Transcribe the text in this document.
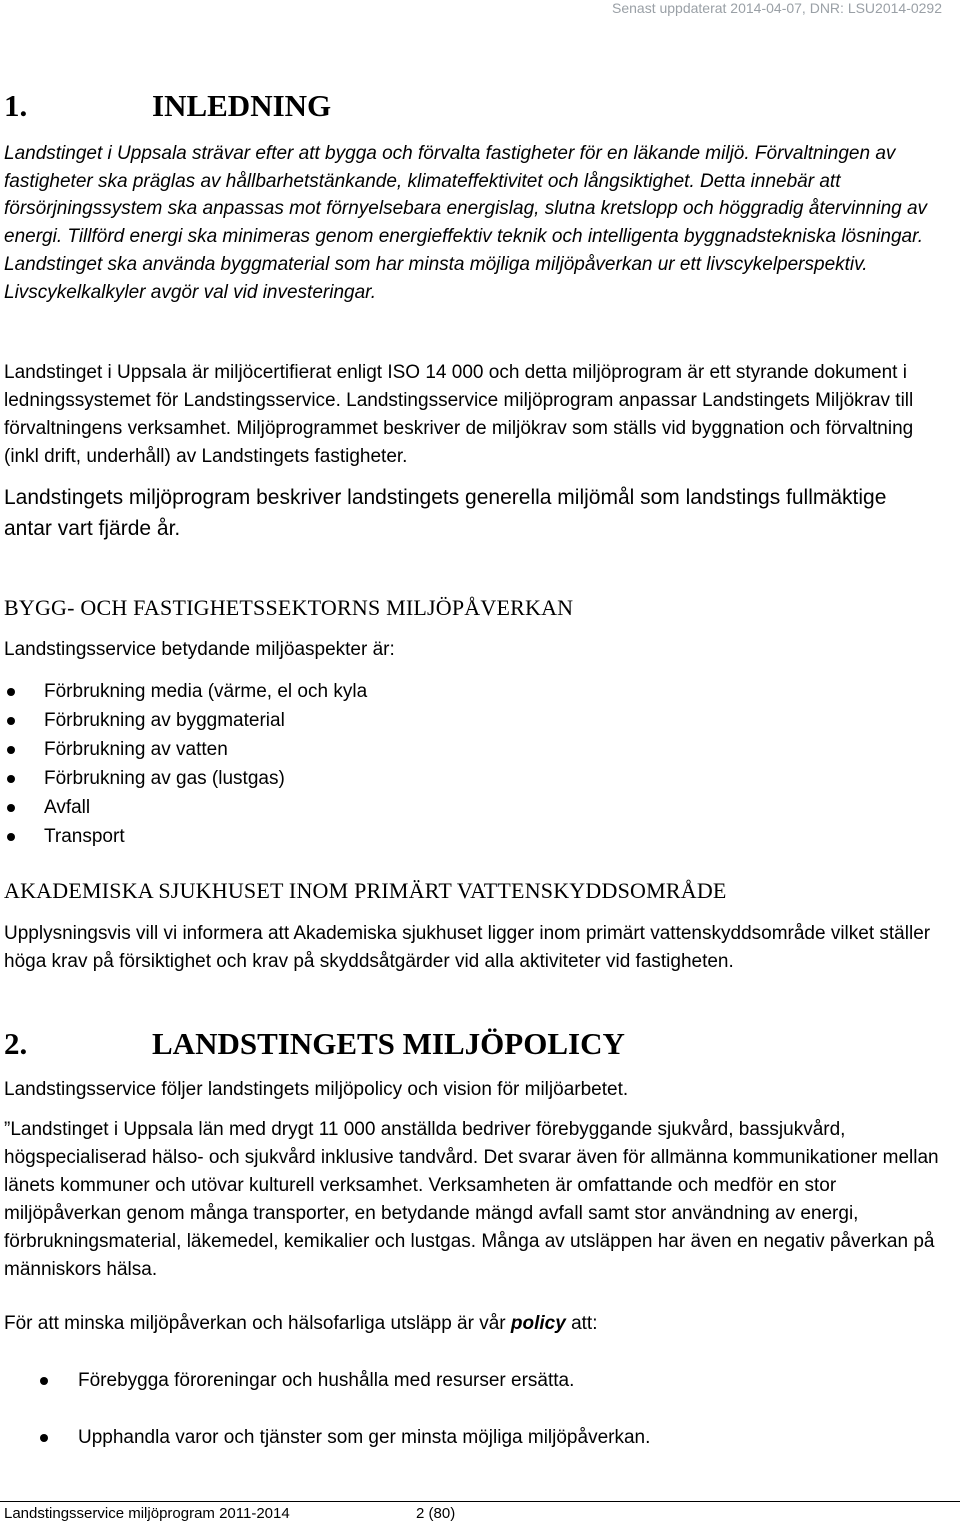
Senast uppdaterat 2014-04-07, DNR: LSU2014-0292
1.	INLEDNING

Landstinget i Uppsala strävar efter att bygga och förvalta fastigheter för en läkande miljö. Förvaltningen av fastigheter ska präglas av hållbarhetstänkande, klimateffektivitet och långsiktighet. Detta innebär att försörjningssystem ska anpassas mot förnyelsebara energislag, slutna kretslopp och höggradig återvinning av energi. Tillförd energi ska minimeras genom energieffektiv teknik och intelligenta byggnadstekniska lösningar. Landstinget ska använda byggmaterial som har minsta möjliga miljöpåverkan ur ett livscykelperspektiv. Livscykelkalkyler avgör val vid investeringar.

Landstinget i Uppsala är miljöcertifierat enligt ISO 14 000 och detta miljöprogram är ett styrande dokument i ledningssystemet för Landstingsservice. Landstingsservice miljöprogram anpassar Landstingets Miljökrav till förvaltningens verksamhet. Miljöprogrammet beskriver de miljökrav som ställs vid byggnation och förvaltning (inkl drift, underhåll) av Landstingets fastigheter.

Landstingets miljöprogram beskriver landstingets generella miljömål som landstings fullmäktige antar vart fjärde år.

BYGG- OCH FASTIGHETSSEKTORNS MILJÖPÅVERKAN

Landstingsservice betydande miljöaspekter är:

Förbrukning media (värme, el och kyla
Förbrukning av byggmaterial
Förbrukning av vatten
Förbrukning av gas (lustgas)
Avfall
Transport
AKADEMISKA SJUKHUSET INOM PRIMÄRT VATTENSKYDDSOMRÅDE

Upplysningsvis vill vi informera att Akademiska sjukhuset ligger inom primärt vattenskyddsområde vilket ställer höga krav på försiktighet och krav på skyddsåtgärder vid alla aktiviteter vid fastigheten.

2.	LANDSTINGETS MILJÖPOLICY

Landstingsservice följer landstingets miljöpolicy och vision för miljöarbetet.

”Landstinget i Uppsala län med drygt 11 000 anställda bedriver förebyggande sjukvård, bassjukvård, högspecialiserad hälso- och sjukvård inklusive tandvård. Det svarar även för allmänna kommunikationer mellan länets kommuner och utövar kulturell verksamhet. Verksamheten är omfattande och medför en stor miljöpåverkan genom många transporter, en betydande mängd avfall samt stor användning av energi, förbrukningsmaterial, läkemedel, kemikalier och lustgas. Många av utsläppen har även en negativ påverkan på människors hälsa.

För att minska miljöpåverkan och hälsofarliga utsläpp är vår policy att:

Förebygga föroreningar och hushålla med resurser ersätta.
Upphandla varor och tjänster som ger minsta möjliga miljöpåverkan.
Landstingsservice miljöprogram 2011-2014	2 (80)
